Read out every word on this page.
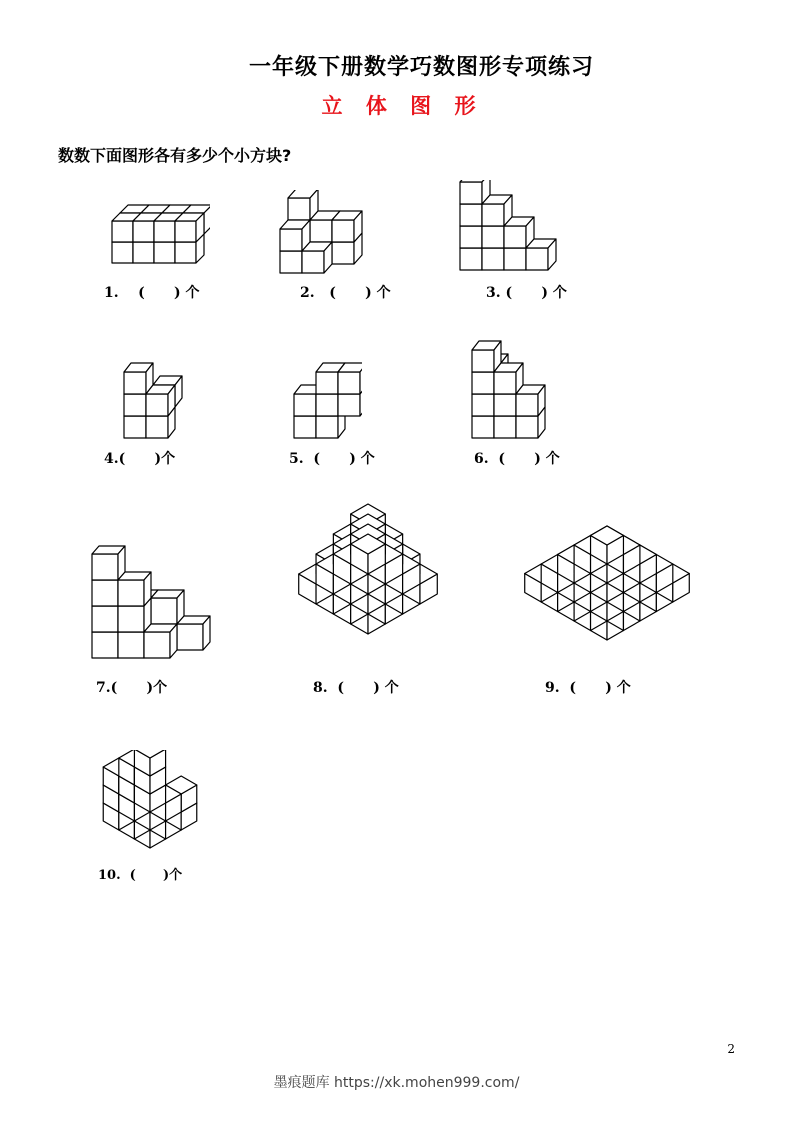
一年级下册数学巧数图形专项练习
立 体 图 形
数数下面图形各有多少个小方块?
1.    (      ) 个	2.   (      ) 个	3. (      ) 个
4.(      )个	5.  (      ) 个	6.  (      ) 个
7.(      )个	8.  (      ) 个	9.  (      ) 个
10.  (      )个
2
墨痕题库 https://xk.mohen999.com/
